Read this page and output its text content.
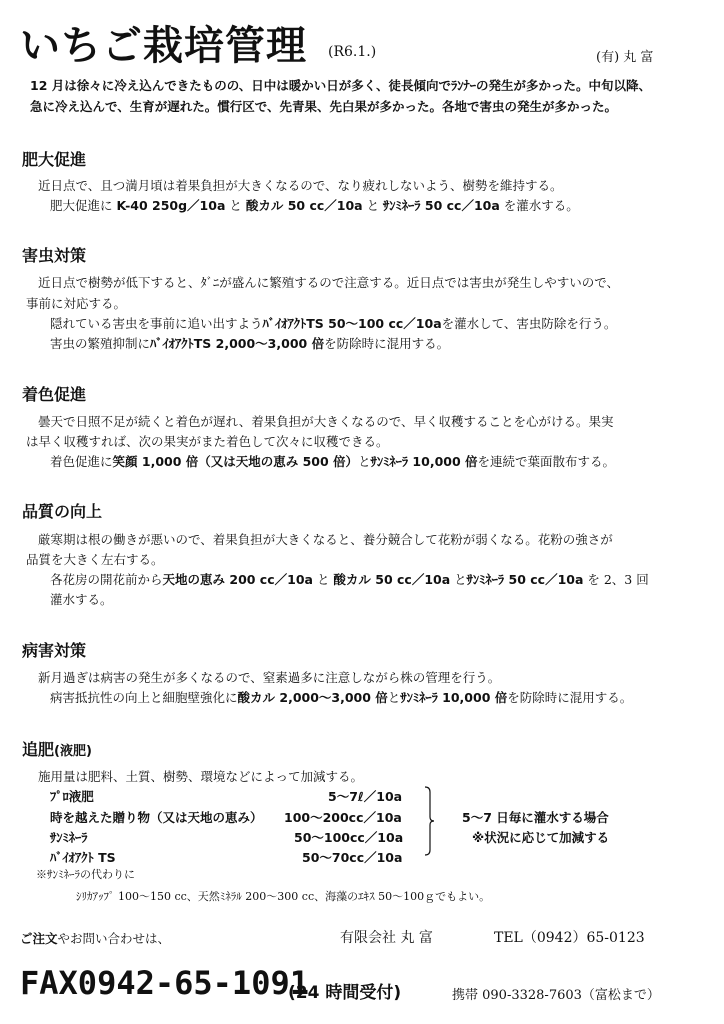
いちご栽培管理 (R6.1.)	(有) 丸 富
12 月は徐々に冷え込んできたものの、日中は暖かい日が多く、徒長傾向でﾗﾝﾅｰの発生が多かった。中旬以降、
急に冷え込んで、生育が遅れた。慣行区で、先青果、先白果が多かった。各地で害虫の発生が多かった。
肥大促進
近日点で、且つ満月頃は着果負担が大きくなるので、なり疲れしないよう、樹勢を維持する。
肥大促進に K-40 250g／10a と 酸カル 50 cc／10a と ｻﾝﾐﾈｰﾗ 50 cc／10a を灌水する。
害虫対策
近日点で樹勢が低下すると、ﾀﾞﾆが盛んに繁殖するので注意する。近日点では害虫が発生しやすいので、
事前に対応する。
隠れている害虫を事前に追い出すようﾊﾞｲｵｱｸﾄTS 50～100 cc／10aを灌水して、害虫防除を行う。
害虫の繁殖抑制にﾊﾞｲｵｱｸﾄTS 2,000～3,000 倍を防除時に混用する。
着色促進
曇天で日照不足が続くと着色が遅れ、着果負担が大きくなるので、早く収穫することを心がける。果実
は早く収穫すれば、次の果実がまた着色して次々に収穫できる。
着色促進に笑顔 1,000 倍（又は天地の恵み 500 倍）とｻﾝﾐﾈｰﾗ 10,000 倍を連続で葉面散布する。
品質の向上
厳寒期は根の働きが悪いので、着果負担が大きくなると、養分競合して花粉が弱くなる。花粉の強さが
品質を大きく左右する。
各花房の開花前から天地の恵み 200 cc／10a と 酸カル 50 cc／10a とｻﾝﾐﾈｰﾗ 50 cc／10a を 2、3 回
灌水する。
病害対策
新月過ぎは病害の発生が多くなるので、窒素過多に注意しながら株の管理を行う。
病害抵抗性の向上と細胞壁強化に酸カル 2,000～3,000 倍とｻﾝﾐﾈｰﾗ 10,000 倍を防除時に混用する。
追肥(液肥)
施用量は肥料、土質、樹勢、環境などによって加減する。
ﾌﾟﾛ液肥	5～7ℓ／10a
時を越えた贈り物（又は天地の恵み） 100～200cc／10a
ｻﾝﾐﾈｰﾗ	50～100cc／10a
ﾊﾞｲｵｱｸﾄ TS	50～70cc／10a
5～7 日毎に灌水する場合
※状況に応じて加減する
※ｻﾝﾐﾈｰﾗの代わりに
ｼﾘｶｱｯﾌﾟ 100～150 cc、天然ﾐﾈﾗﾙ 200～300 cc、海藻のｴｷｽ 50～100ｇでもよい。
ご注文やお問い合わせは、	有限会社 丸 富	TEL（0942）65-0123
FAX0942-65-1091
(24 時間受付)	携帯 090-3328-7603（富松まで）
